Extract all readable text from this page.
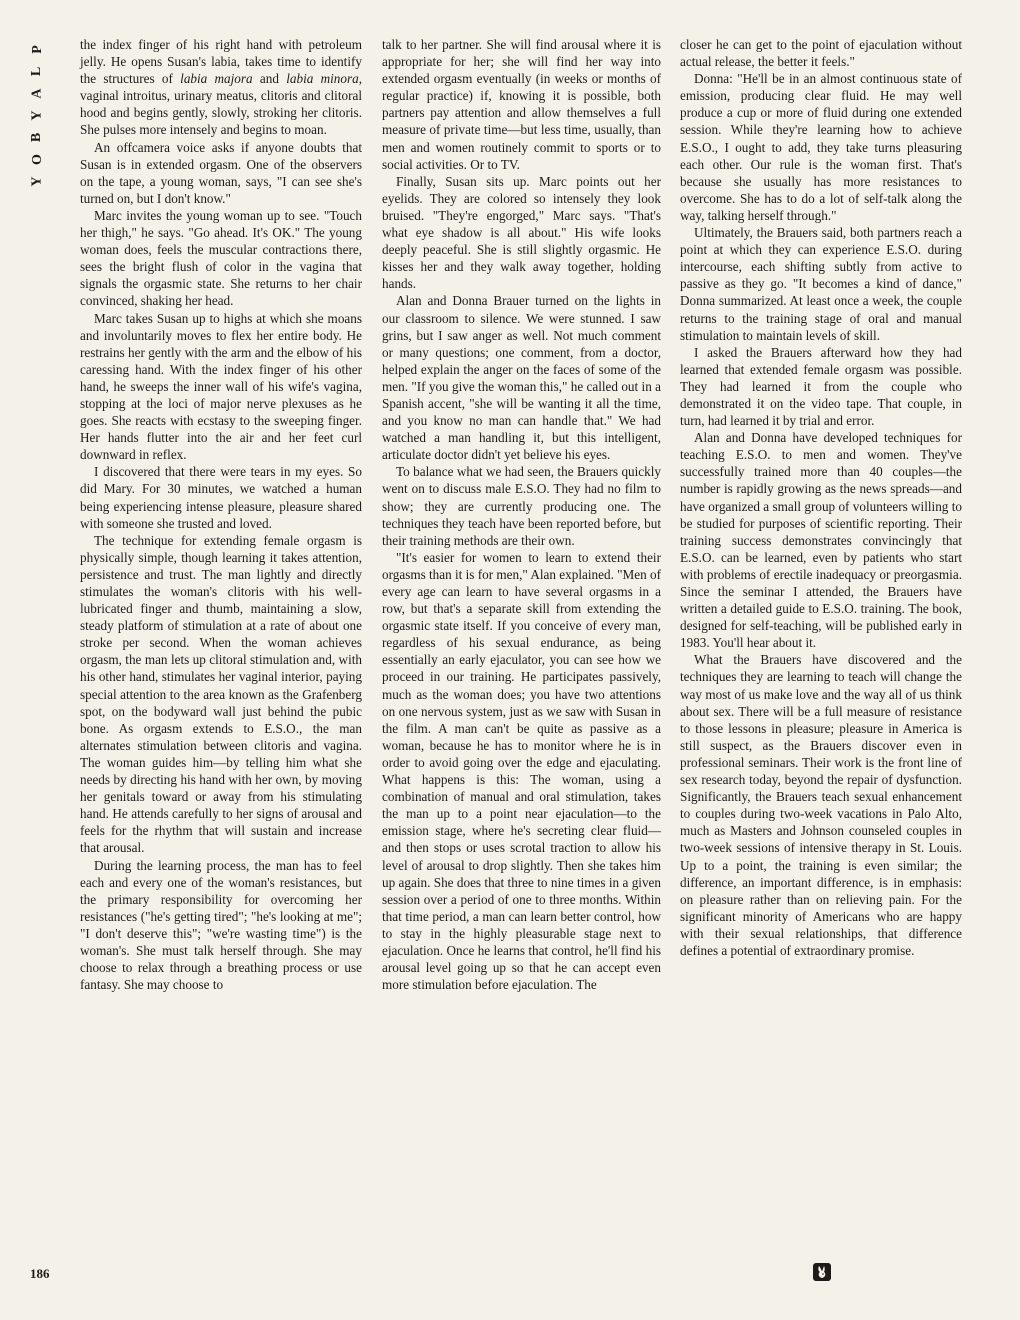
P
L
A
Y
B
O
Y

the index finger of his right hand with petroleum jelly. He opens Susan's labia, takes time to identify the structures of labia majora and labia minora, vaginal introitus, urinary meatus, clitoris and clitoral hood and begins gently, slowly, stroking her clitoris. She pulses more intensely and begins to moan.

An offcamera voice asks if anyone doubts that Susan is in extended orgasm. One of the observers on the tape, a young woman, says, "I can see she's turned on, but I don't know."

Marc invites the young woman up to see. "Touch her thigh," he says. "Go ahead. It's OK." The young woman does, feels the muscular contractions there, sees the bright flush of color in the vagina that signals the orgasmic state. She returns to her chair convinced, shaking her head.

Marc takes Susan up to highs at which she moans and involuntarily moves to flex her entire body. He restrains her gently with the arm and the elbow of his caressing hand. With the index finger of his other hand, he sweeps the inner wall of his wife's vagina, stopping at the loci of major nerve plexuses as he goes. She reacts with ecstasy to the sweeping finger. Her hands flutter into the air and her feet curl downward in reflex.

I discovered that there were tears in my eyes. So did Mary. For 30 minutes, we watched a human being experiencing intense pleasure, pleasure shared with someone she trusted and loved.

The technique for extending female orgasm is physically simple, though learning it takes attention, persistence and trust. The man lightly and directly stimulates the woman's clitoris with his well-lubricated finger and thumb, maintaining a slow, steady platform of stimulation at a rate of about one stroke per second. When the woman achieves orgasm, the man lets up clitoral stimulation and, with his other hand, stimulates her vaginal interior, paying special attention to the area known as the Grafenberg spot, on the bodyward wall just behind the pubic bone. As orgasm extends to E.S.O., the man alternates stimulation between clitoris and vagina. The woman guides him—by telling him what she needs by directing his hand with her own, by moving her genitals toward or away from his stimulating hand. He attends carefully to her signs of arousal and feels for the rhythm that will sustain and increase that arousal.

During the learning process, the man has to feel each and every one of the woman's resistances, but the primary responsibility for overcoming her resistances ("he's getting tired"; "he's looking at me"; "I don't deserve this"; "we're wasting time") is the woman's. She must talk herself through. She may choose to relax through a breathing process or use fantasy. She may choose to

talk to her partner. She will find arousal where it is appropriate for her; she will find her way into extended orgasm eventually (in weeks or months of regular practice) if, knowing it is possible, both partners pay attention and allow themselves a full measure of private time—but less time, usually, than men and women routinely commit to sports or to social activities. Or to TV.

Finally, Susan sits up. Marc points out her eyelids. They are colored so intensely they look bruised. "They're engorged," Marc says. "That's what eye shadow is all about." His wife looks deeply peaceful. She is still slightly orgasmic. He kisses her and they walk away together, holding hands.

Alan and Donna Brauer turned on the lights in our classroom to silence. We were stunned. I saw grins, but I saw anger as well. Not much comment or many questions; one comment, from a doctor, helped explain the anger on the faces of some of the men. "If you give the woman this," he called out in a Spanish accent, "she will be wanting it all the time, and you know no man can handle that." We had watched a man handling it, but this intelligent, articulate doctor didn't yet believe his eyes.

To balance what we had seen, the Brauers quickly went on to discuss male E.S.O. They had no film to show; they are currently producing one. The techniques they teach have been reported before, but their training methods are their own.

"It's easier for women to learn to extend their orgasms than it is for men," Alan explained. "Men of every age can learn to have several orgasms in a row, but that's a separate skill from extending the orgasmic state itself. If you conceive of every man, regardless of his sexual endurance, as being essentially an early ejaculator, you can see how we proceed in our training. He participates passively, much as the woman does; you have two attentions on one nervous system, just as we saw with Susan in the film. A man can't be quite as passive as a woman, because he has to monitor where he is in order to avoid going over the edge and ejaculating. What happens is this: The woman, using a combination of manual and oral stimulation, takes the man up to a point near ejaculation—to the emission stage, where he's secreting clear fluid—and then stops or uses scrotal traction to allow his level of arousal to drop slightly. Then she takes him up again. She does that three to nine times in a given session over a period of one to three months. Within that time period, a man can learn better control, how to stay in the highly pleasurable stage next to ejaculation. Once he learns that control, he'll find his arousal level going up so that he can accept even more stimulation before ejaculation. The

closer he can get to the point of ejaculation without actual release, the better it feels."

Donna: "He'll be in an almost continuous state of emission, producing clear fluid. He may well produce a cup or more of fluid during one extended session. While they're learning how to achieve E.S.O., I ought to add, they take turns pleasuring each other. Our rule is the woman first. That's because she usually has more resistances to overcome. She has to do a lot of self-talk along the way, talking herself through."

Ultimately, the Brauers said, both partners reach a point at which they can experience E.S.O. during intercourse, each shifting subtly from active to passive as they go. "It becomes a kind of dance," Donna summarized. At least once a week, the couple returns to the training stage of oral and manual stimulation to maintain levels of skill.

I asked the Brauers afterward how they had learned that extended female orgasm was possible. They had learned it from the couple who demonstrated it on the video tape. That couple, in turn, had learned it by trial and error.

Alan and Donna have developed techniques for teaching E.S.O. to men and women. They've successfully trained more than 40 couples—the number is rapidly growing as the news spreads—and have organized a small group of volunteers willing to be studied for purposes of scientific reporting. Their training success demonstrates convincingly that E.S.O. can be learned, even by patients who start with problems of erectile inadequacy or preorgasmia. Since the seminar I attended, the Brauers have written a detailed guide to E.S.O. training. The book, designed for self-teaching, will be published early in 1983. You'll hear about it.

What the Brauers have discovered and the techniques they are learning to teach will change the way most of us make love and the way all of us think about sex. There will be a full measure of resistance to those lessons in pleasure; pleasure in America is still suspect, as the Brauers discover even in professional seminars. Their work is the front line of sex research today, beyond the repair of dysfunction. Significantly, the Brauers teach sexual enhancement to couples during two-week vacations in Palo Alto, much as Masters and Johnson counseled couples in two-week sessions of intensive therapy in St. Louis. Up to a point, the training is even similar; the difference, an important difference, is in emphasis: on pleasure rather than on relieving pain. For the significant minority of Americans who are happy with their sexual relationships, that difference defines a potential of extraordinary promise.

186
